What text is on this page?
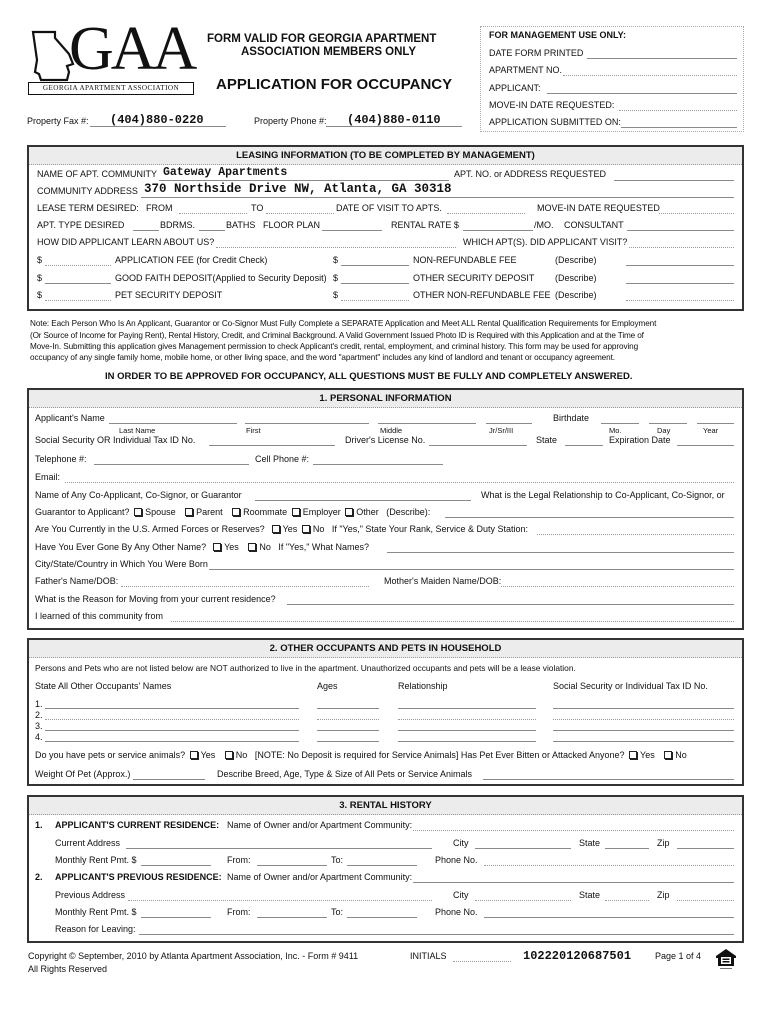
GAA
GEORGIA APARTMENT ASSOCIATION
FORM VALID FOR GEORGIA APARTMENT
ASSOCIATION MEMBERS ONLY
APPLICATION FOR OCCUPANCY
Property Fax #: (404)880-0220	Property Phone #: (404)880-0110
FOR MANAGEMENT USE ONLY:
DATE FORM PRINTED
APARTMENT NO.
APPLICANT:
MOVE-IN DATE REQUESTED:
APPLICATION SUBMITTED ON:
LEASING INFORMATION (TO BE COMPLETED BY MANAGEMENT)
NAME OF APT. COMMUNITY Gateway Apartments	APT. NO. or ADDRESS REQUESTED
COMMUNITY ADDRESS 370 Northside Drive NW, Atlanta, GA 30318
LEASE TERM DESIRED: FROM	TO	DATE OF VISIT TO APTS.	MOVE-IN DATE REQUESTED
APT. TYPE DESIRED	BDRMS.	BATHS FLOOR PLAN	RENTAL RATE $	/MO. CONSULTANT
HOW DID APPLICANT LEARN ABOUT US?	WHICH APT(S). DID APPLICANT VISIT?
$	APPLICATION FEE (for Credit Check)	$	NON-REFUNDABLE FEE	(Describe)
$	GOOD FAITH DEPOSIT(Applied to Security Deposit) $	OTHER SECURITY DEPOSIT (Describe)
$	PET SECURITY DEPOSIT	$	OTHER NON-REFUNDABLE FEE (Describe)
Note: Each Person Who Is An Applicant, Guarantor or Co-Signor Must Fully Complete a SEPARATE Application and Meet ALL Rental Qualification Requirements for Employment
(Or Source of Income for Paying Rent), Rental History, Credit, and Criminal Background. A Valid Government Issued Photo ID is Required with this Application and at the Time of
Move-In. Submitting this application gives Management permission to check Applicant's credit, rental, employment, and criminal history. This form may be used for approving
occupancy of any single family home, mobile home, or other living space, and the word "apartment" includes any kind of landlord and tenant or occupancy agreement.
IN ORDER TO BE APPROVED FOR OCCUPANCY, ALL QUESTIONS MUST BE FULLY AND COMPLETELY ANSWERED.
1. PERSONAL INFORMATION
Applicant's Name	Birthdate
Last Name	First	Middle	Jr/Sr/III	Mo.	Day	Year
Social Security OR Individual Tax ID No.	Driver's License No.	State	Expiration Date
Telephone #:	Cell Phone #:
Email:
Name of Any Co-Applicant, Co-Signor, or Guarantor	What is the Legal Relationship to Co-Applicant, Co-Signor, or
Guarantor to Applicant? Spouse Parent Roommate Employer Other (Describe):
Are You Currently in the U.S. Armed Forces or Reserves? Yes No If "Yes," State Your Rank, Service & Duty Station:
Have You Ever Gone By Any Other Name? Yes No If "Yes," What Names?
City/State/Country in Which You Were Born
Father's Name/DOB:	Mother's Maiden Name/DOB:
What is the Reason for Moving from your current residence?
I learned of this community from
2. OTHER OCCUPANTS AND PETS IN HOUSEHOLD
Persons and Pets who are not listed below are NOT authorized to live in the apartment. Unauthorized occupants and pets will be a lease violation.
State All Other Occupants' Names	Ages	Relationship	Social Security or Individual Tax ID No.
1.
2.
3.
4.
Do you have pets or service animals? Yes No [NOTE: No Deposit is required for Service Animals] Has Pet Ever Bitten or Attacked Anyone? Yes No
Weight Of Pet (Approx.)	Describe Breed, Age, Type & Size of All Pets or Service Animals
3. RENTAL HISTORY
1. APPLICANT'S CURRENT RESIDENCE: Name of Owner and/or Apartment Community:
Current Address	City	State	Zip
Monthly Rent Pmt. $	From:	To:	Phone No.
2. APPLICANT'S PREVIOUS RESIDENCE: Name of Owner and/or Apartment Community:
Previous Address	City	State	Zip
Monthly Rent Pmt. $	From:	To:	Phone No.
Reason for Leaving:
Copyright © September, 2010 by Atlanta Apartment Association, Inc. - Form # 9411
All Rights Reserved
INITIALS	102220120687501	Page 1 of 4
